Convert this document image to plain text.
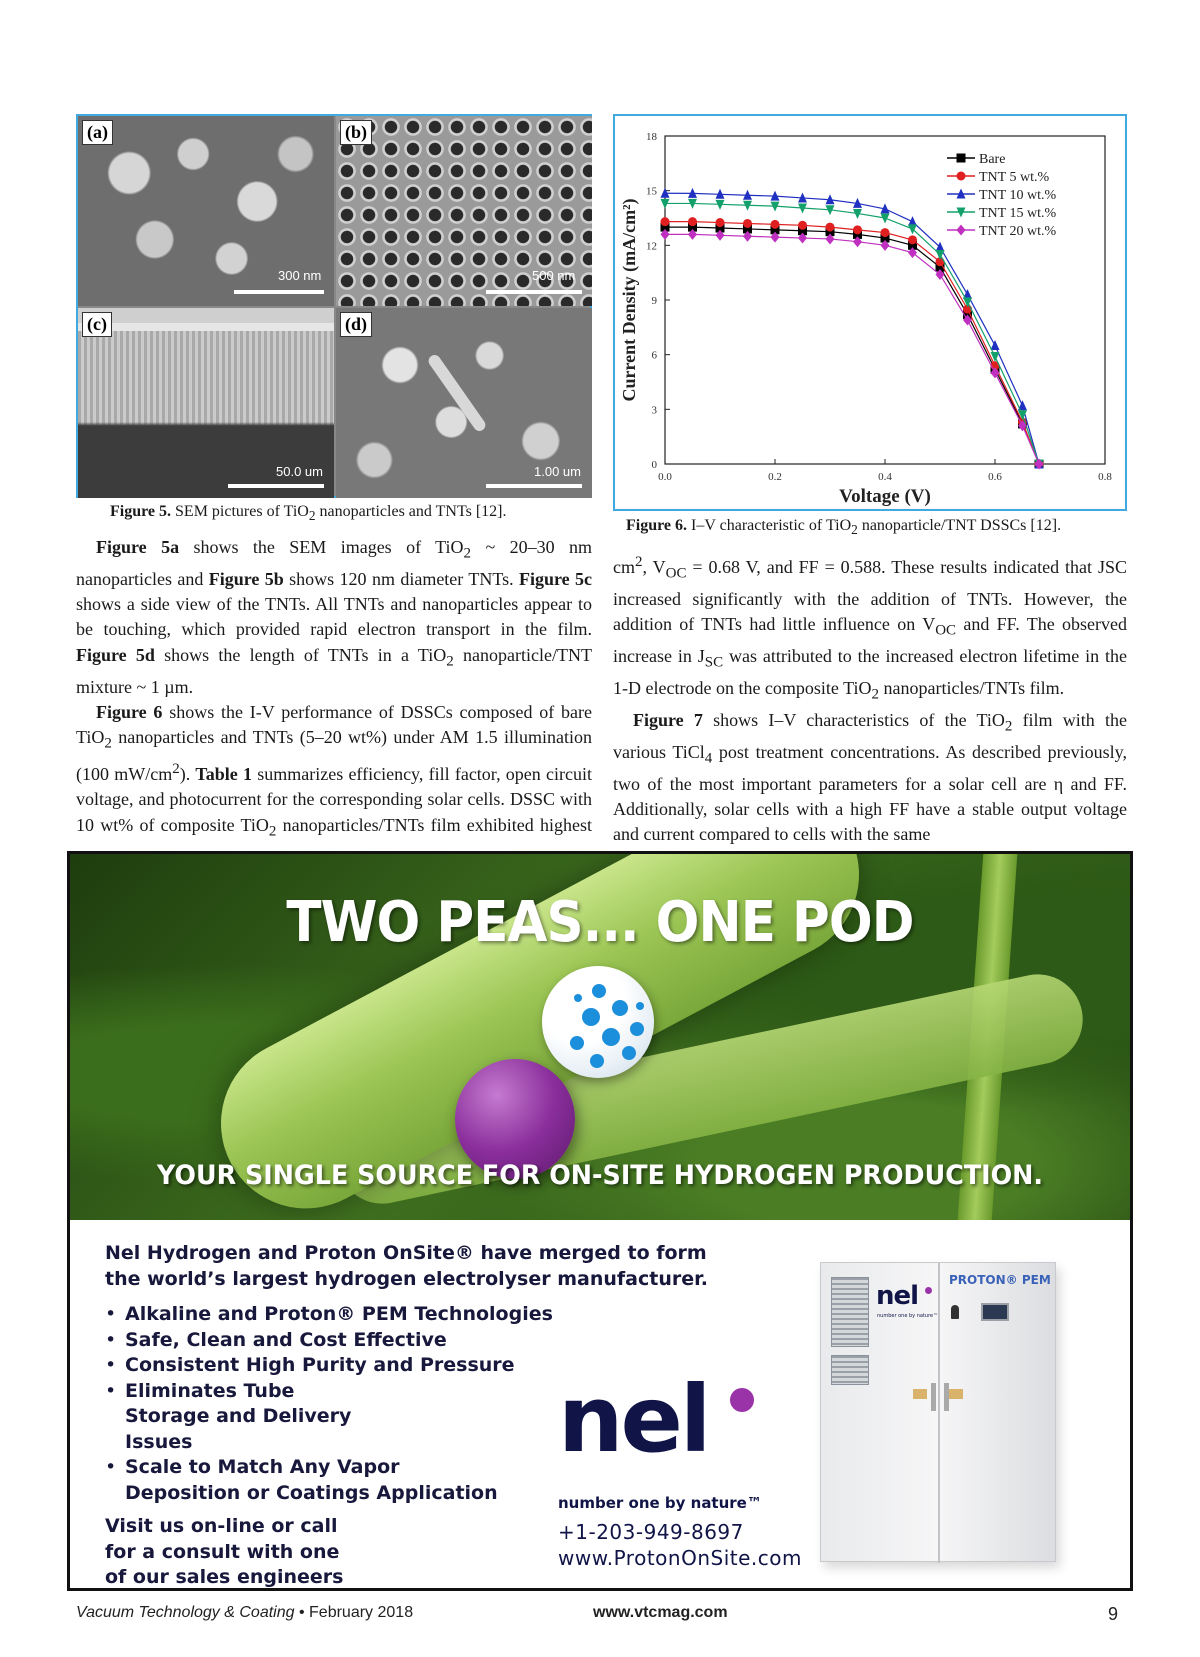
(a)
300 nm
(b)
500 nm
(c)
50.0 um
(d)
1.00 um
Figure 5. SEM pictures of TiO$_2$ nanoparticles and TNTs [12].
0.0	0.2	0.4	0.6	0.8
0
3
6
9
12
15
18
Voltage (V)
Current Density (mA/cm²)
Bare
TNT 5 wt.%
TNT 10 wt.%
TNT 15 wt.%
TNT 20 wt.%
Figure 6. I–V characteristic of TiO$_2$ nanoparticle/TNT DSSCs [12].

Figure 5a shows the SEM images of TiO$_2$ ~ 20–30 nm nanoparticles and Figure 5b shows 120 nm diameter TNTs. Figure 5c shows a side view of the TNTs. All TNTs and nanoparticles appear to be touching, which provided rapid electron transport in the film. Figure 5d shows the length of TNTs in a TiO$_2$ nanoparticle/TNT mixture ~ 1 µm.

Figure 6 shows the I-V performance of DSSCs composed of bare TiO$_2$ nanoparticles and TNTs (5–20 wt%) under AM 1.5 illumination (100 $mW/cm^2$). Table 1 summarizes efficiency, fill factor, open circuit voltage, and photocurrent for the corresponding solar cells. DSSC with 10 wt% of composite TiO$_2$ nanoparticles/TNTs film exhibited highest

$cm^2$, $V_{OC} = 0.68$ V, and FF = 0.588. These results indicated that JSC increased significantly with the addition of TNTs. However, the addition of TNTs had little influence on $V_{OC}$ and FF. The observed increase in $J_{SC}$ was attributed to the increased electron lifetime in the 1-D electrode on the composite TiO$_2$ nanoparticles/TNTs film.

Figure 7 shows I–V characteristics of the TiO$_2$ film with the various TiCl$_4$ post treatment concentrations. As described previously, two of the most important parameters for a solar cell are η and FF. Additionally, solar cells with a high FF have a stable output voltage and current compared to cells with the same

TWO PEAS... ONE POD
YOUR SINGLE SOURCE FOR ON-SITE HYDROGEN PRODUCTION.
Nel Hydrogen and Proton OnSite® have merged to form the world’s largest hydrogen electrolyser manufacturer.
• Alkaline and Proton® PEM Technologies
• Safe, Clean and Cost Effective
• Consistent High Purity and Pressure
• Eliminates Tube Storage and Delivery Issues
• Scale to Match Any Vapor Deposition or Coatings Application
Visit us on-line or call for a consult with one of our sales engineers
nel
number one by nature™
+1-203-949-8697
www.ProtonOnSite.com
nel
number one by nature™
PROTON® PEM
Vacuum Technology & Coating • February 2018	www.vtcmag.com	9
